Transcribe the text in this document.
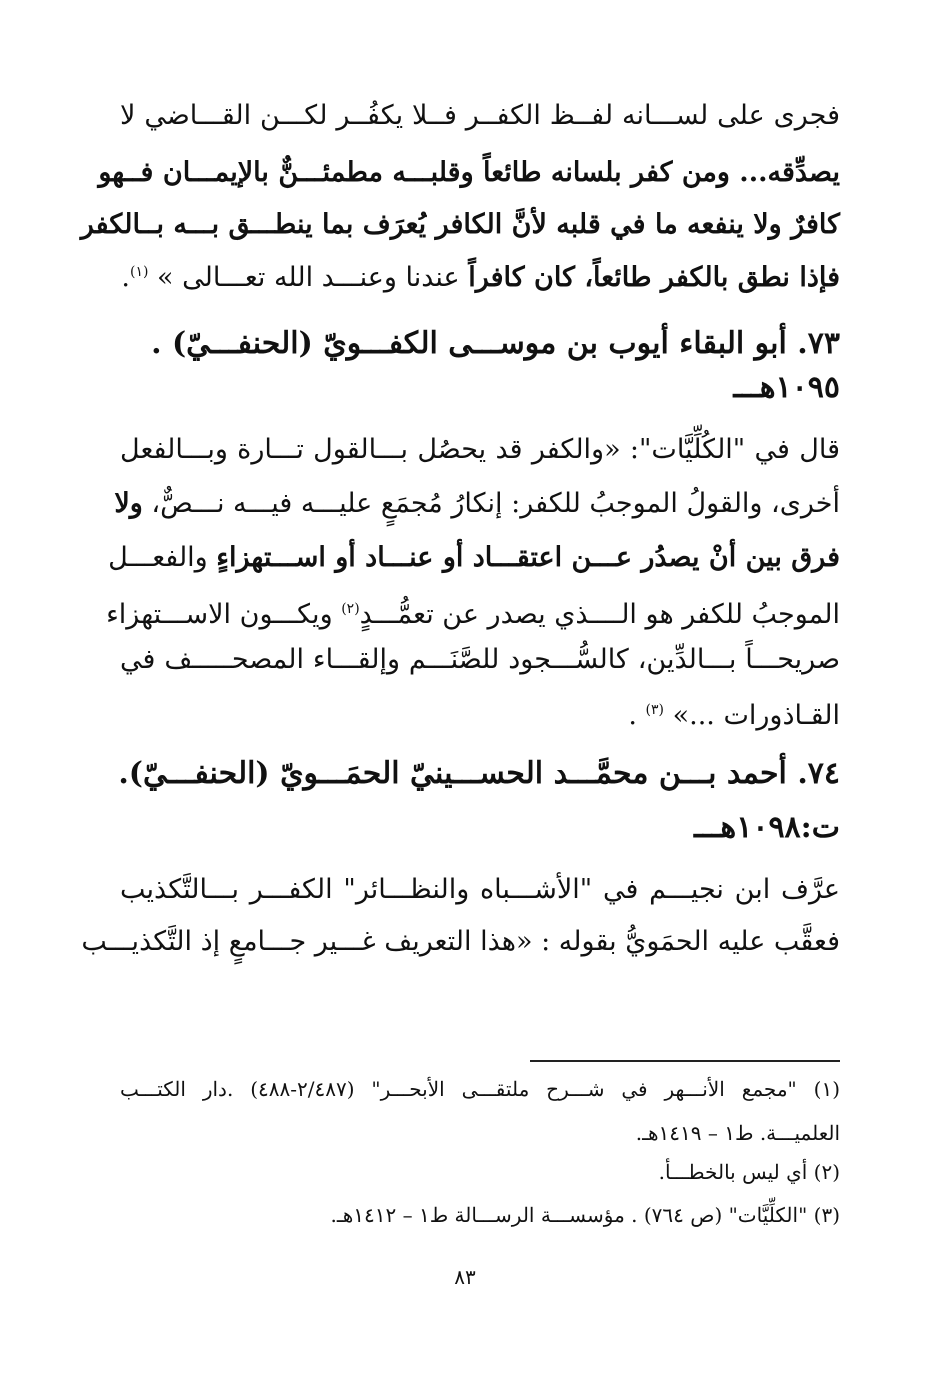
فجرى على لســـانه لفــظ الكفــر فــلا يكفُــر لكـــن القـــاضي لا
يصدِّقه... ومن كفر بلسانه طائعاً وقلبـــه مطمئـــنٌّ بالإيمـــان فــهو
كافرٌ ولا ينفعه ما في قلبه لأنَّ الكافر يُعرَف بما ينطـــق بـــه بــالكفر
فإذا نطق بالكفر طائعاً، كان كافراً عندنا وعنـــد الله تعـــالى » $^{(١)}$.
٧٣. أبو البقاء أيوب بن موســـى الكفـــويّ (الحنفـــيّ) .
١٠٩٥هـــ
قال في "الكُلِّيَّات": «والكفر قد يحصُل بـــالقول تـــارة وبـــالفعل
أخرى، والقولُ الموجبُ للكفر: إنكارُ مُجمَعٍ عليـــه فيـــه نـــصٌّ، ولا
فرق بين أنْ يصدُر عـــن اعتقـــاد أو عنـــاد أو اســـتهزاءٍ والفعـــل
الموجبُ للكفر هو الــــذي يصدر عن تعمُّـــدٍ$^{(٢)}$ ويكـــون الاســـتهزاء
صريحـــاً بـــالدِّين، كالسُّـــجود للصَّنَـــم وإلقـــاء المصحـــــف في
القـاذورات ...» $^{(٣)}$ .
٧٤. أحمد بـــن محمَّـــد الحســـينيّ الحمَـــويّ (الحنفـــيّ).
ت:١٠٩٨هـــ
عرَّف ابن نجيـــم في "الأشـــباه والنظـــائر" الكفـــر بـــالتَّكذيب
فعقَّب عليه الحمَويُّ بقوله : «هذا التعريف غـــير جـــامعٍ إذ التَّكذيـــب
(١) "مجمع الأنـــهر في شـــرح ملتقـــى الأبحـــر" (٢/٤٨٧-٤٨٨) .دار الكتـــب
العلميـــة. ط١ – ١٤١٩هـ.
(٢) أي ليس بالخطـــأ.
(٣) "الكلِّيَّات" (ص ٧٦٤) . مؤسســـة الرســـالة ط١ – ١٤١٢هـ.
٨٣
